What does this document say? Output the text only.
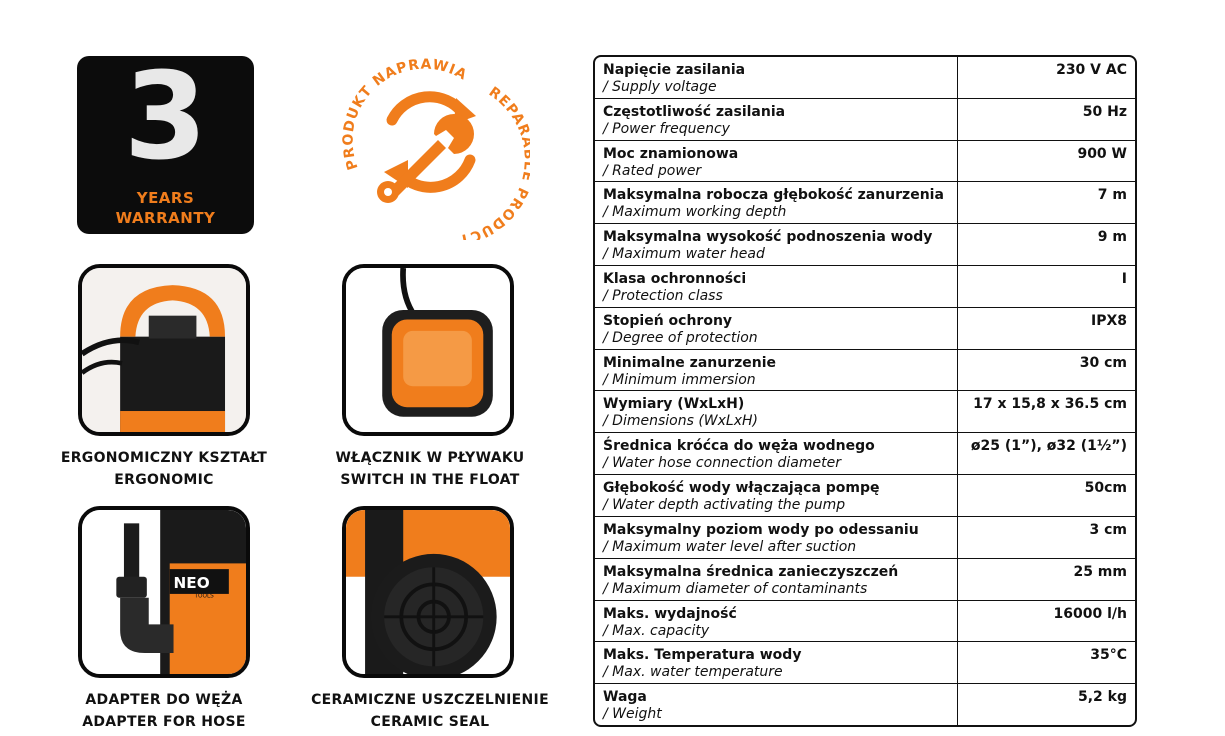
3
YEARS
WARRANTY
PRODUKT NAPRAWIA
REPA PRODUCT
ERGONOMICZNY KSZTAŁT
ERGONOMIC
WŁĄCZNIK W PŁYWAKU
SWITCH IN THE FLOAT
NEO
TOOLS
ADAPTER DO WĘŻA
ADAPTER FOR HOSE
CERAMICZNE USZCZELNIENIE
CERAMIC SEAL
Napięcie zasilania
/ Supply voltage	230 V AC

Częstotliwość zasilania
/ Power frequency	50 Hz

Moc znamionowa
/ Rated power	900 W

Maksymalna robocza głębokość zanurzenia
/ Maximum working depth	7 m

Maksymalna wysokość podnoszenia wody
/ Maximum water head	9 m

Klasa ochronności
/ Protection class	I

Stopień ochrony
/ Degree of protection	IPX8

Minimalne zanurzenie
/ Minimum immersion	30 cm

Wymiary (WxLxH)
/ Dimensions (WxLxH)	17 x 15,8 x 36.5 cm

Średnica króćca do węża wodnego
/ Water hose connection diameter	ø25 (1”), ø32 (1½”)

Głębokość wody włączająca pompę
/ Water depth activating the pump	50cm

Maksymalny poziom wody po odessaniu
/ Maximum water level after suction	3 cm

Maksymalna średnica zanieczyszczeń
/ Maximum diameter of contaminants	25 mm

Maks. wydajność
/ Max. capacity	16000 l/h

Maks. Temperatura wody
/ Max. water temperature	35°C

Waga
/ Weight	5,2 kg
